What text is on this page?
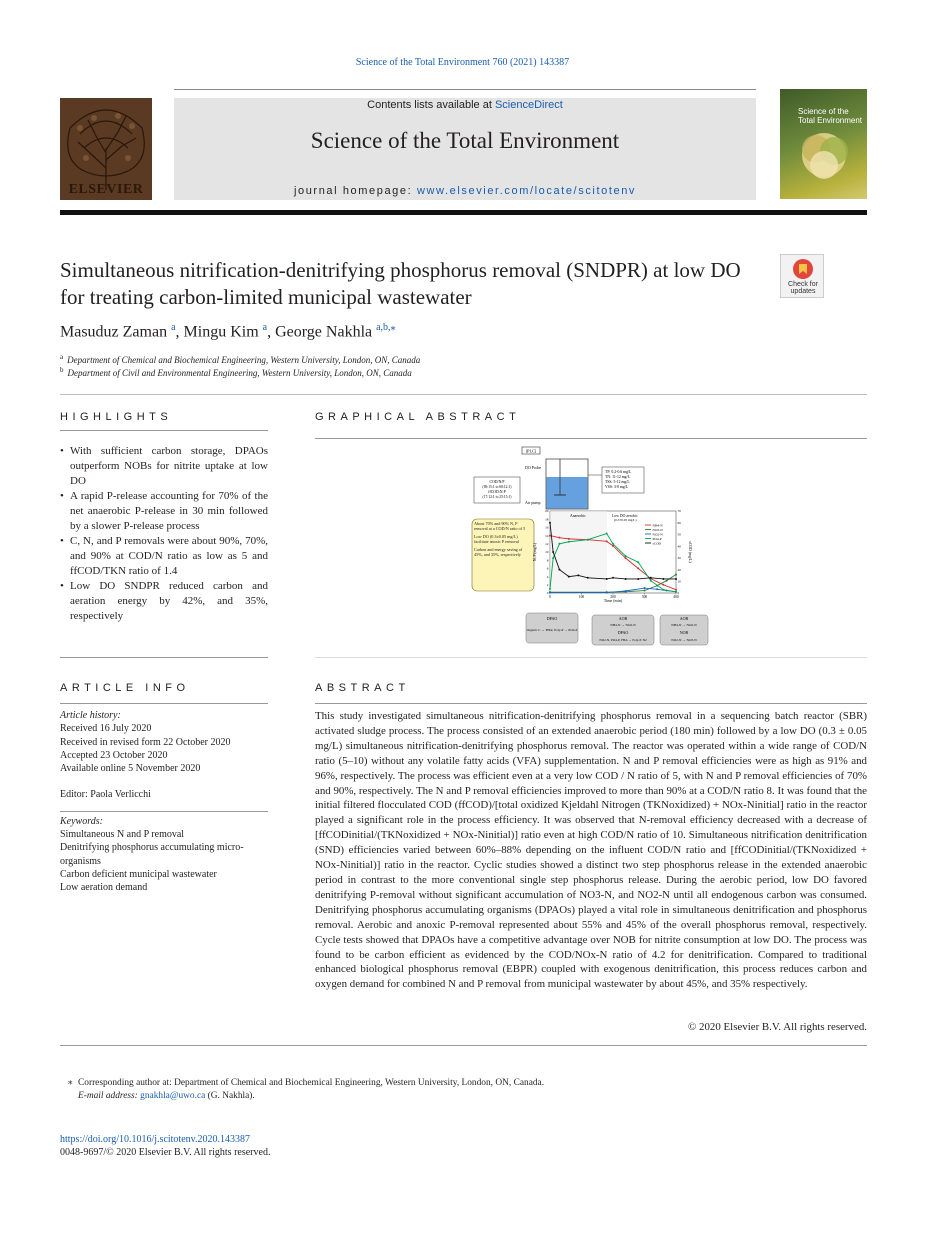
Science of the Total Environment 760 (2021) 143387
ELSEVIER
Contents lists available at ScienceDirect
Science of the Total Environment
journal homepage: www.elsevier.com/locate/scitotenv
Science of the Total Environment
Simultaneous nitrification-denitrifying phosphorus removal (SNDPR) at low DO for treating carbon-limited municipal wastewater
Check for updates
Masuduz Zaman $^a$, Mingu Kim $^a$, George Nakhla $^{a,b,⁎}$
$^a$ Department of Chemical and Biochemical Engineering, Western University, London, ON, Canada
$^b$ Department of Civil and Environmental Engineering, Western University, London, ON, Canada
HIGHLIGHTS
• With sufficient carbon storage, DPAOs outperform NOBs for nitrite uptake at low DO
• A rapid P-release accounting for 70% of the net anaerobic P-release in 30 min followed by a slower P-release process
• C, N, and P removals were about 90%, 70%, and 90% at COD/N ratio as low as 5 and ffCOD/TKN ratio of 1.4
• Low DO SNDPR reduced carbon and aeration energy by 42%, and 35%, respectively
GRAPHICAL ABSTRACT
[PLC]
DO Probe
Air pump
COD/N/P
(69:15:1 to 68:12:1)
ffCOD:N:P
(17:12:1 to 25:15:1)
TP: 0.2-0.6 mg/L
TN: 11-12 mg/L
TSS: 5-12 mg/L
VSS: 3-8 mg/L
About 70% and 90% N, P removal at a COD/N ratio of 5
Low DO (0.3±0.05 mg/L) facilitate anoxic P removal
Carbon and energy saving of 45%, and 35%, respectively
Anaerobic	Low DO aerobic
(0.3±0.05 mg/L)
Time (min)
N, P (mg/L)	sCOD (mg/L)
0	100	200	300	400
0
2
4
6
8
10
12
14
16
18
20
0
10
20
30
40
50
60
70
NH4-N
NO3-N
NO2-N
PO4-P
sCOD
DPAO
Organic C → PHA; Poly-P → PO4-P
AOB
NH4-N → NO2-N
DPAO
NO2-N, PO4-P, PHA → Poly-P, N2
AOB
NH4-N → NO2-N
NOB
NO2-N → NO3-N
ARTICLE INFO
Article history:
Received 16 July 2020
Received in revised form 22 October 2020
Accepted 23 October 2020
Available online 5 November 2020
Editor: Paola Verlicchi
Keywords:
Simultaneous N and P removal
Denitrifying phosphorus accumulating micro-organisms
Carbon deficient municipal wastewater
Low aeration demand
ABSTRACT
This study investigated simultaneous nitrification-denitrifying phosphorus removal in a sequencing batch reactor (SBR) activated sludge process. The process consisted of an extended anaerobic period (180 min) followed by a low DO (0.3 ± 0.05 mg/L) simultaneous nitrification-denitrifying phosphorus removal. The reactor was operated within a wide range of COD/N ratio (5–10) without any volatile fatty acids (VFA) supplementation. N and P removal efficiencies were as high as 91% and 96%, respectively. The process was efficient even at a very low COD / N ratio of 5, with N and P removal efficiencies of 70% and 90%, respectively. The N and P removal efficiencies improved to more than 90% at a COD/N ratio 8. It was found that the initial filtered flocculated COD (ffCOD)/[total oxidized Kjeldahl Nitrogen (TKNoxidized) + NOx-Ninitial] ratio in the reactor played a significant role in the process efficiency. It was observed that N-removal efficiency decreased with a decrease of [ffCODinitial/(TKNoxidized + NOx-Ninitial)] ratio even at high COD/N ratio of 10. Simultaneous nitrification denitrification (SND) efficiencies varied between 60%–88% depending on the influent COD/N ratio and [ffCODinitial/(TKNoxidized + NOx-Ninitial)] ratio in the reactor. Cyclic studies showed a distinct two step phosphorus release in the extended anaerobic period in contrast to the more conventional single step phosphorus release. During the aerobic period, low DO favored denitrifying P-removal without significant accumulation of NO3-N, and NO2-N until all endogenous carbon was consumed. Denitrifying phosphorus accumulating organisms (DPAOs) played a vital role in simultaneous denitrification and phosphorus removal. Aerobic and anoxic P-removal represented about 55% and 45% of the overall phosphorus removal, respectively. Cycle tests showed that DPAOs have a competitive advantage over NOB for nitrite consumption at low DO. The process was found to be carbon efficient as evidenced by the COD/NOx-N ratio of 4.2 for denitrification. Compared to traditional enhanced biological phosphorus removal (EBPR) coupled with exogenous denitrification, this process reduces carbon and oxygen demand for combined N and P removal from municipal wastewater by about 45%, and 35% respectively.
© 2020 Elsevier B.V. All rights reserved.
⁎ Corresponding author at: Department of Chemical and Biochemical Engineering, Western University, London, ON, Canada.
E-mail address: gnakhla@uwo.ca (G. Nakhla).
https://doi.org/10.1016/j.scitotenv.2020.143387
0048-9697/© 2020 Elsevier B.V. All rights reserved.
